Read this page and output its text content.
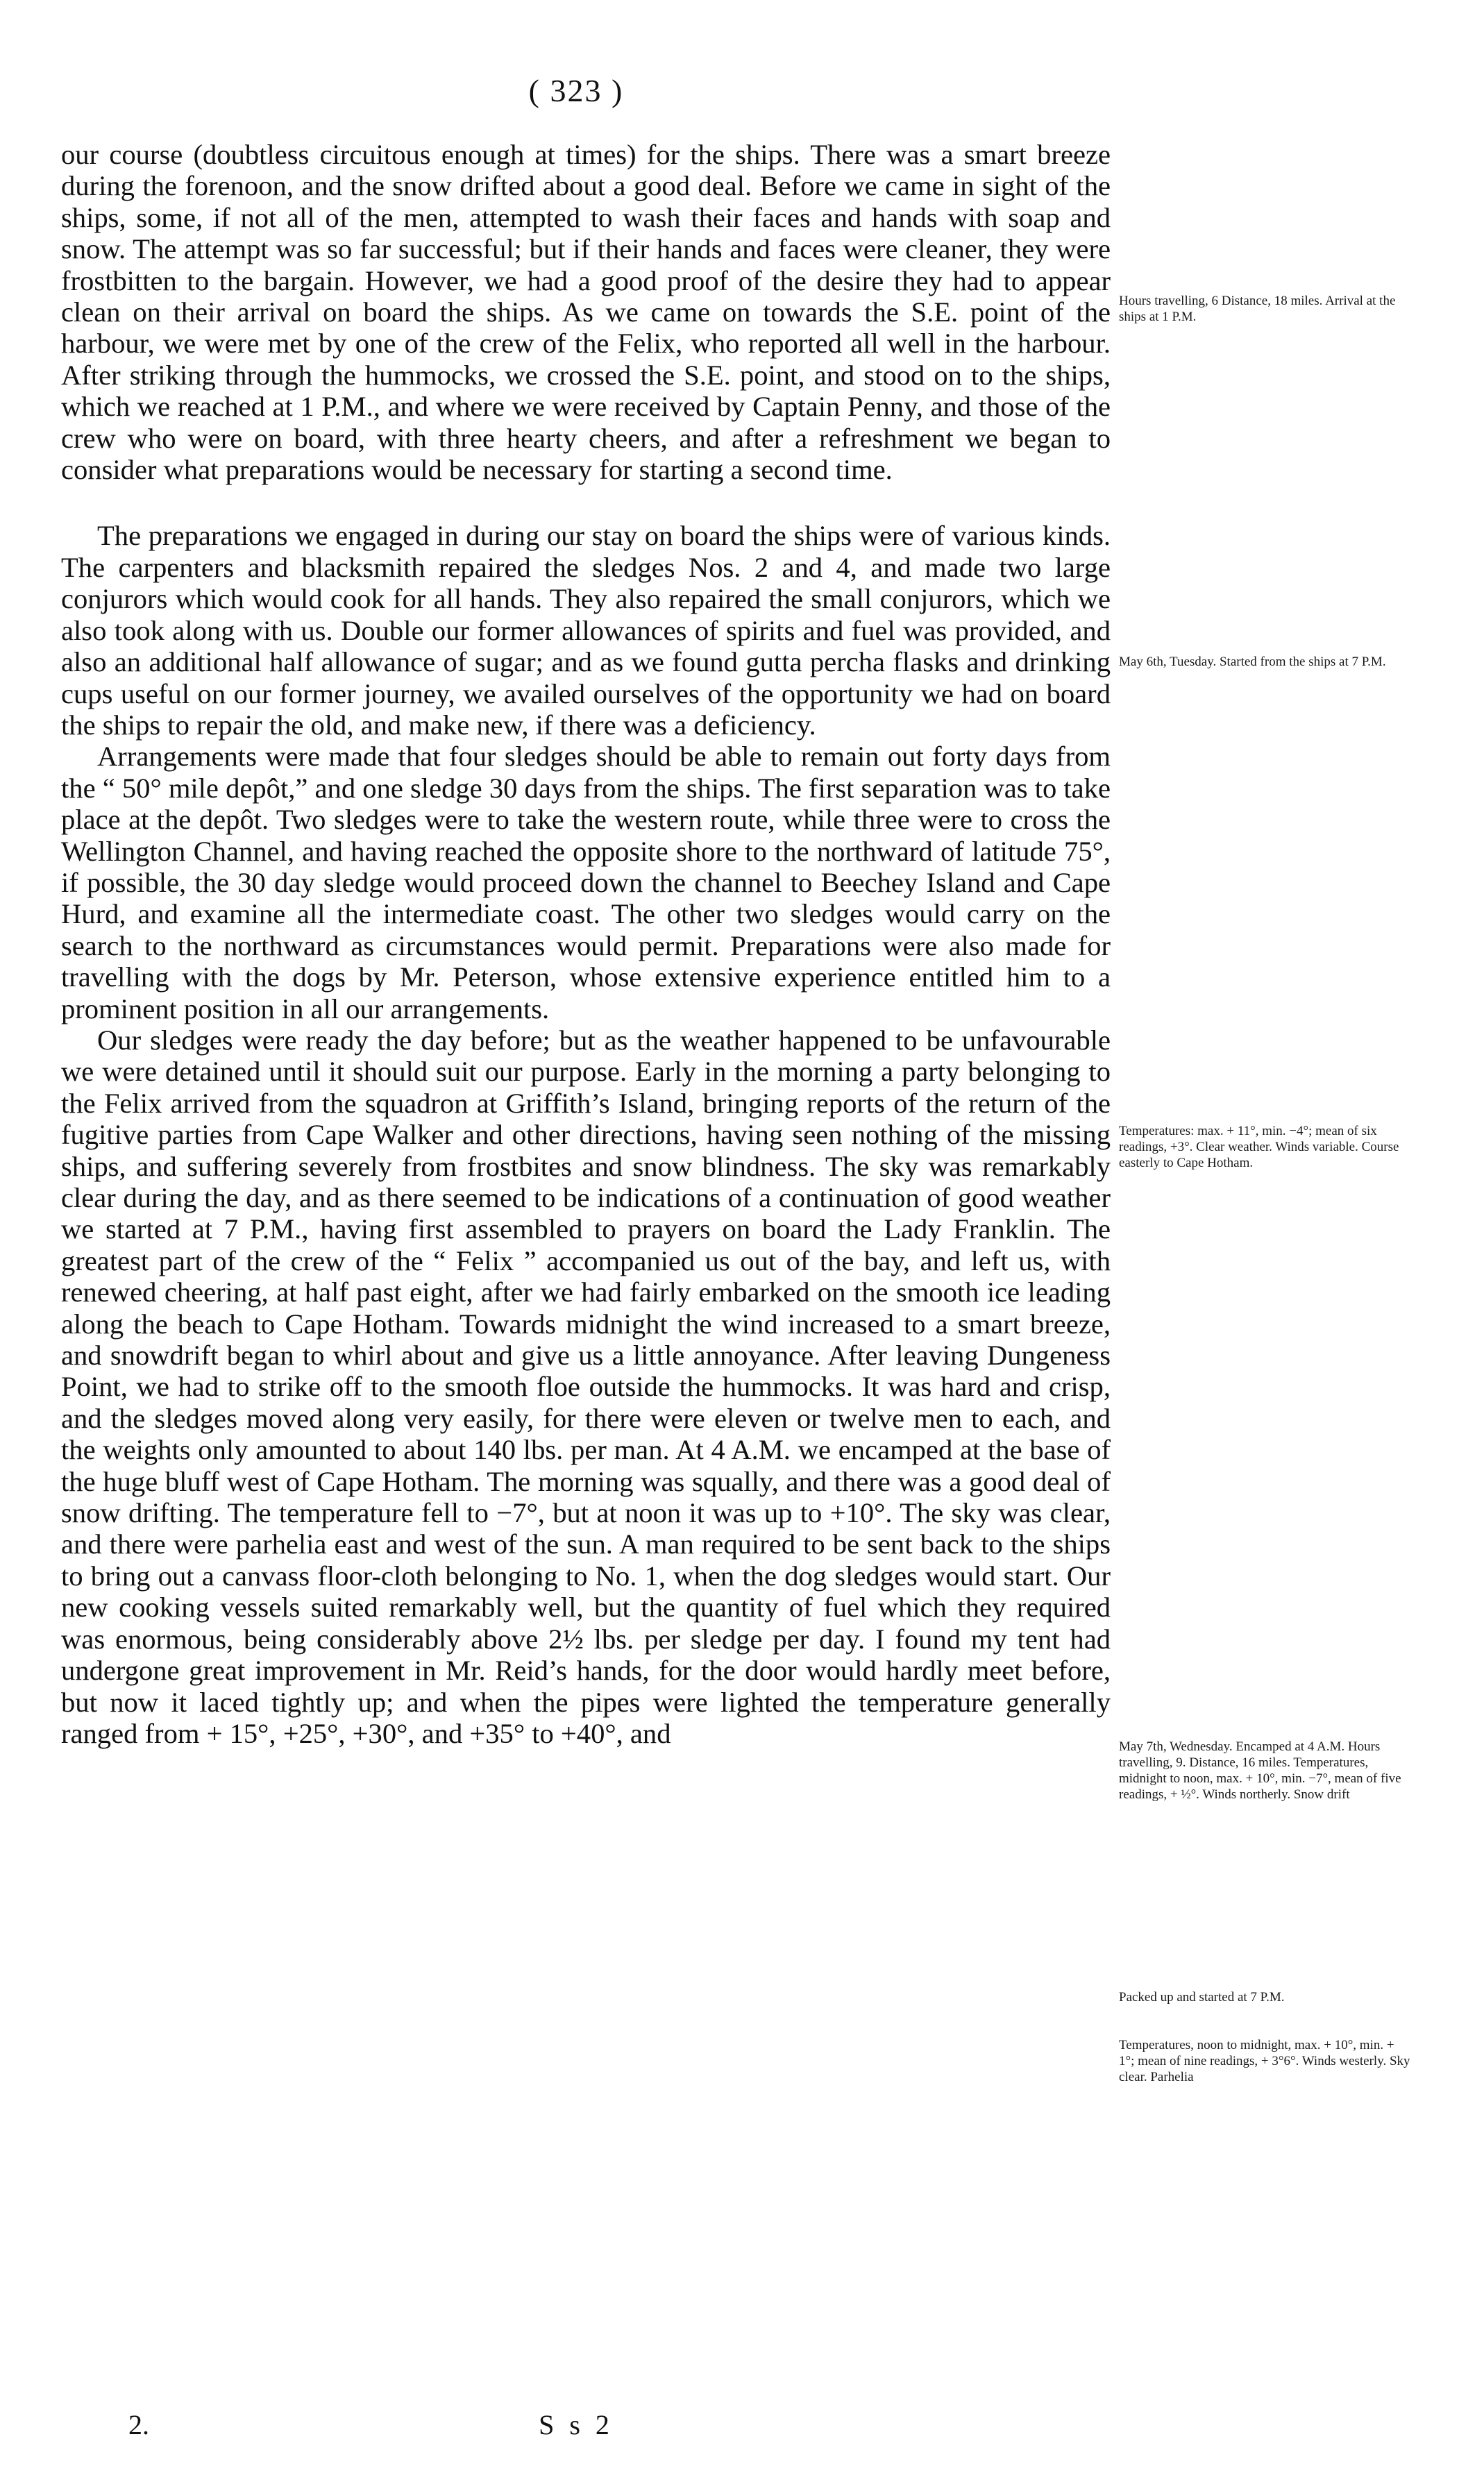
( 323 )

our course (doubtless circuitous enough at times) for the ships. There was a smart breeze during the forenoon, and the snow drifted about a good deal. Before we came in sight of the ships, some, if not all of the men, attempted to wash their faces and hands with soap and snow. The attempt was so far successful; but if their hands and faces were cleaner, they were frostbitten to the bargain. However, we had a good proof of the desire they had to appear clean on their arrival on board the ships. As we came on towards the S.E. point of the harbour, we were met by one of the crew of the Felix, who reported all well in the harbour. After striking through the hummocks, we crossed the S.E. point, and stood on to the ships, which we reached at 1 P.M., and where we were received by Captain Penny, and those of the crew who were on board, with three hearty cheers, and after a refreshment we began to consider what preparations would be necessary for starting a second time.

The preparations we engaged in during our stay on board the ships were of various kinds. The carpenters and blacksmith repaired the sledges Nos. 2 and 4, and made two large conjurors which would cook for all hands. They also repaired the small conjurors, which we also took along with us. Double our former allowances of spirits and fuel was provided, and also an additional half allowance of sugar; and as we found gutta percha flasks and drinking cups useful on our former journey, we availed ourselves of the opportunity we had on board the ships to repair the old, and make new, if there was a deficiency.

Arrangements were made that four sledges should be able to remain out forty days from the “ 50° mile depôt,” and one sledge 30 days from the ships. The first separation was to take place at the depôt. Two sledges were to take the western route, while three were to cross the Wellington Channel, and having reached the opposite shore to the northward of latitude 75°, if possible, the 30 day sledge would proceed down the channel to Beechey Island and Cape Hurd, and examine all the intermediate coast. The other two sledges would carry on the search to the northward as circumstances would permit. Preparations were also made for travelling with the dogs by Mr. Peterson, whose extensive experience entitled him to a prominent position in all our arrangements.

Our sledges were ready the day before; but as the weather happened to be unfavourable we were detained until it should suit our purpose. Early in the morning a party belonging to the Felix arrived from the squadron at Griffith’s Island, bringing reports of the return of the fugitive parties from Cape Walker and other directions, having seen nothing of the missing ships, and suffering severely from frostbites and snow blindness. The sky was remarkably clear during the day, and as there seemed to be indications of a continuation of good weather we started at 7 P.M., having first assembled to prayers on board the Lady Franklin. The greatest part of the crew of the “ Felix ” accompanied us out of the bay, and left us, with renewed cheering, at half past eight, after we had fairly embarked on the smooth ice leading along the beach to Cape Hotham. Towards midnight the wind increased to a smart breeze, and snowdrift began to whirl about and give us a little annoyance. After leaving Dungeness Point, we had to strike off to the smooth floe outside the hummocks. It was hard and crisp, and the sledges moved along very easily, for there were eleven or twelve men to each, and the weights only amounted to about 140 lbs. per man. At 4 A.M. we encamped at the base of the huge bluff west of Cape Hotham. The morning was squally, and there was a good deal of snow drifting. The temperature fell to −7°, but at noon it was up to +10°. The sky was clear, and there were parhelia east and west of the sun. A man required to be sent back to the ships to bring out a canvass floor-cloth belonging to No. 1, when the dog sledges would start. Our new cooking vessels suited remarkably well, but the quantity of fuel which they required was enormous, being considerably above 2½ lbs. per sledge per day. I found my tent had undergone great improvement in Mr. Reid’s hands, for the door would hardly meet before, but now it laced tightly up; and when the pipes were lighted the temperature generally ranged from + 15°, +25°, +30°, and +35° to +40°, and

Hours travelling, 6 Distance, 18 miles. Arrival at the ships at 1 P.M.
May 6th, Tuesday. Started from the ships at 7 P.M.
Temperatures: max. + 11°, min. −4°; mean of six readings, +3°. Clear weather. Winds variable. Course easterly to Cape Hotham.
May 7th, Wednesday. Encamped at 4 A.M. Hours travelling, 9. Distance, 16 miles. Temperatures, midnight to noon, max. + 10°, min. −7°, mean of five readings, + ½°. Winds northerly. Snow drift
Packed up and started at 7 P.M.
Temperatures, noon to midnight, max. + 10°, min. + 1°; mean of nine readings, + 3°6°. Winds westerly. Sky clear. Parhelia
2.	S s 2
